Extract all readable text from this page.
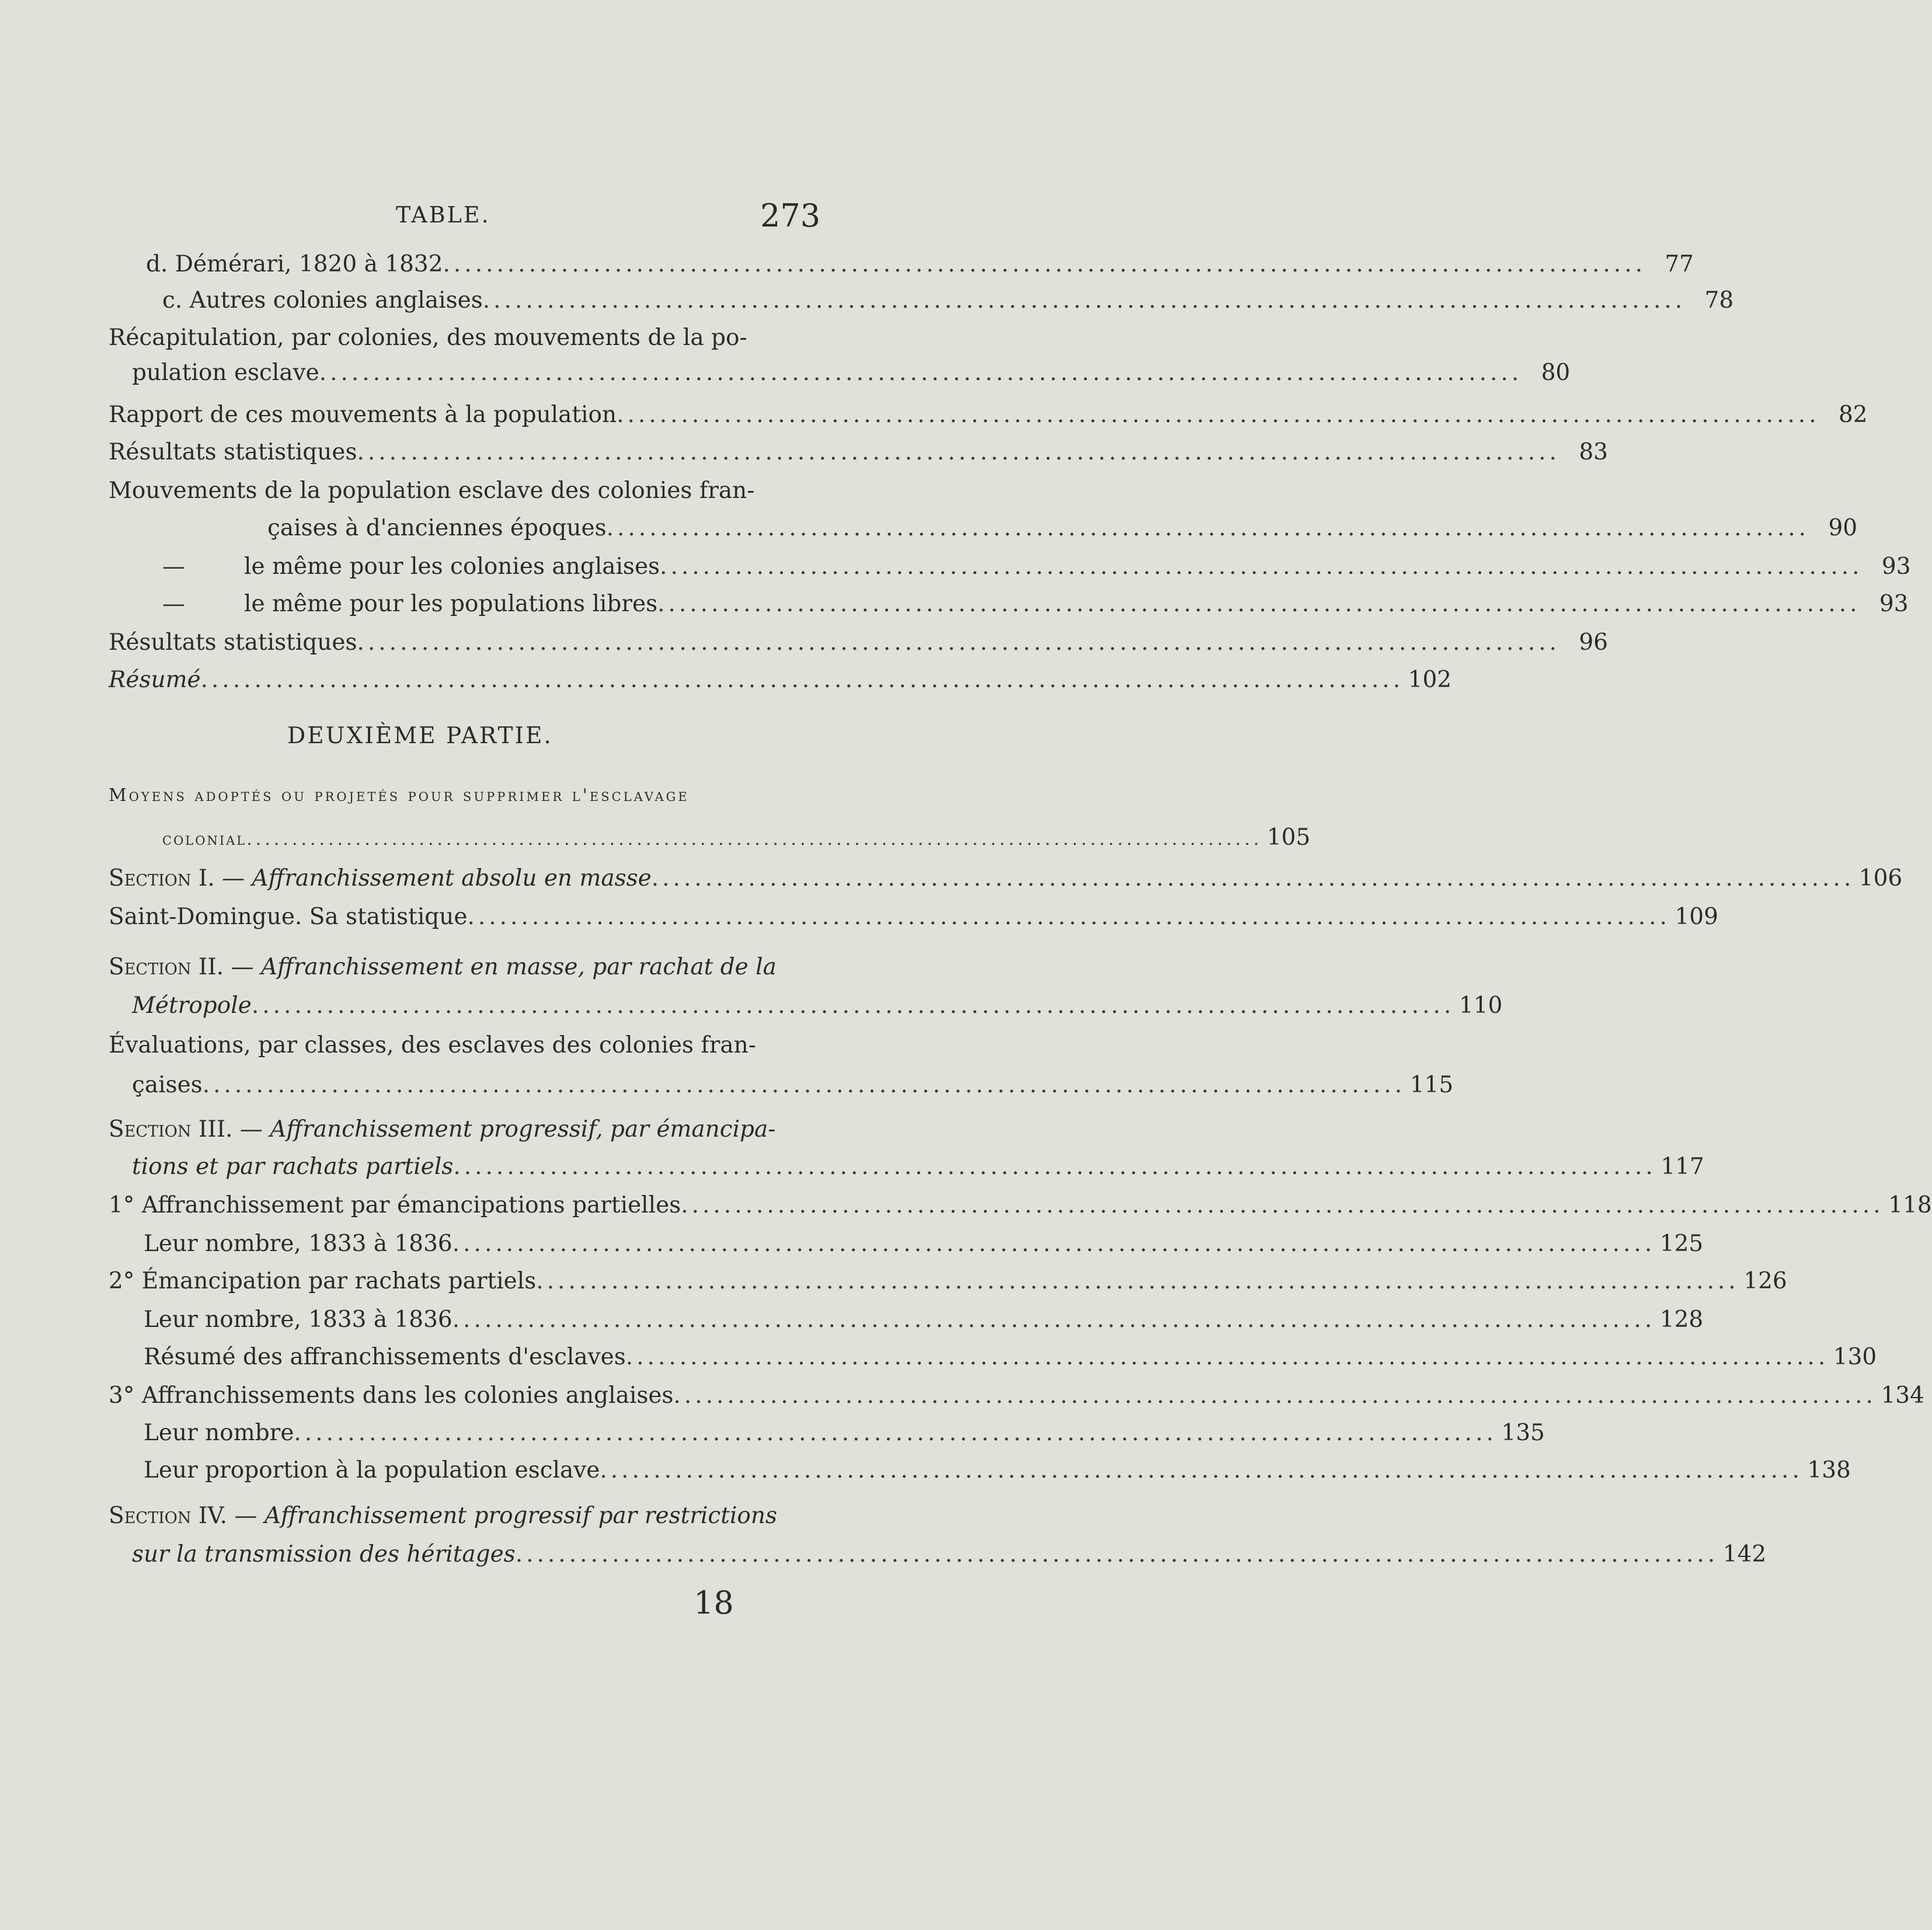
TABLE.	273
d. Démérari, 1820 à 1832 ................................................................................................................ 77
c. Autres colonies anglaises ................................................................................................................ 78
Récapitulation, par colonies, des mouvements de la po-
pulation esclave ................................................................................................................ 80
Rapport de ces mouvements à la population ................................................................................................................ 82
Résultats statistiques ................................................................................................................ 83
Mouvements de la population esclave des colonies fran-
çaises à d'anciennes époques ................................................................................................................ 90
—	le même pour les colonies anglaises ................................................................................................................ 93
—	le même pour les populations libres ................................................................................................................ 93
Résultats statistiques ................................................................................................................ 96
Résumé ................................................................................................................ 102
DEUXIÈME PARTIE.
Moyens adoptés ou projetés pour supprimer l'esclavage
colonial ................................................................................................................ 105
Section I. — Affranchissement absolu en masse ................................................................................................................ 106
Saint-Domingue. Sa statistique ................................................................................................................ 109
Section II. — Affranchissement en masse, par rachat de la
Métropole ................................................................................................................ 110
Évaluations, par classes, des esclaves des colonies fran-
çaises ................................................................................................................ 115
Section III. — Affranchissement progressif, par émancipa-
tions et par rachats partiels ................................................................................................................ 117
1° Affranchissement par émancipations partielles ................................................................................................................ 118
Leur nombre, 1833 à 1836 ................................................................................................................ 125
2° Émancipation par rachats partiels ................................................................................................................ 126
Leur nombre, 1833 à 1836 ................................................................................................................ 128
Résumé des affranchissements d'esclaves ................................................................................................................ 130
3° Affranchissements dans les colonies anglaises ................................................................................................................ 134
Leur nombre ................................................................................................................ 135
Leur proportion à la population esclave ................................................................................................................ 138
Section IV. — Affranchissement progressif par restrictions
sur la transmission des héritages ................................................................................................................ 142
18
